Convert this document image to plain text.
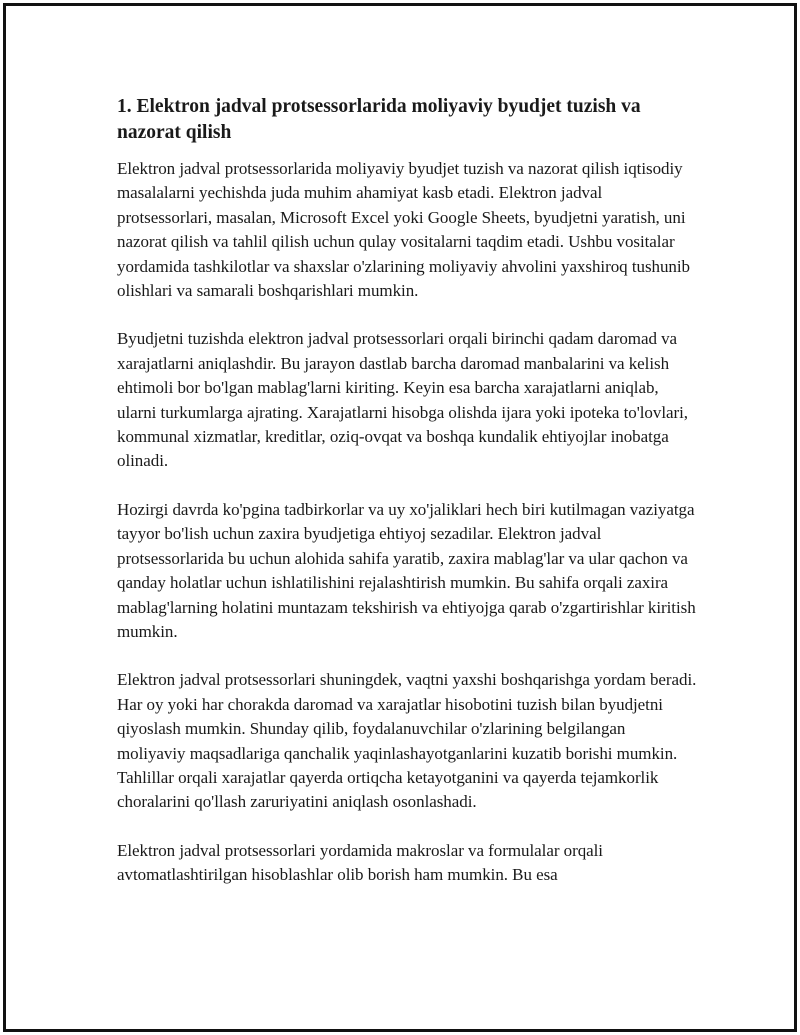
1. Elektron jadval protsessorlarida moliyaviy byudjet tuzish va nazorat qilish

Elektron jadval protsessorlarida moliyaviy byudjet tuzish va nazorat qilish iqtisodiy masalalarni yechishda juda muhim ahamiyat kasb etadi. Elektron jadval protsessorlari, masalan, Microsoft Excel yoki Google Sheets, byudjetni yaratish, uni nazorat qilish va tahlil qilish uchun qulay vositalarni taqdim etadi. Ushbu vositalar yordamida tashkilotlar va shaxslar o'zlarining moliyaviy ahvolini yaxshiroq tushunib olishlari va samarali boshqarishlari mumkin.

Byudjetni tuzishda elektron jadval protsessorlari orqali birinchi qadam daromad va xarajatlarni aniqlashdir. Bu jarayon dastlab barcha daromad manbalarini va kelish ehtimoli bor bo'lgan mablag'larni kiriting. Keyin esa barcha xarajatlarni aniqlab, ularni turkumlarga ajrating. Xarajatlarni hisobga olishda ijara yoki ipoteka to'lovlari, kommunal xizmatlar, kreditlar, oziq-ovqat va boshqa kundalik ehtiyojlar inobatga olinadi.

Hozirgi davrda ko'pgina tadbirkorlar va uy xo'jaliklari hech biri kutilmagan vaziyatga tayyor bo'lish uchun zaxira byudjetiga ehtiyoj sezadilar. Elektron jadval protsessorlarida bu uchun alohida sahifa yaratib, zaxira mablag'lar va ular qachon va qanday holatlar uchun ishlatilishini rejalashtirish mumkin. Bu sahifa orqali zaxira mablag'larning holatini muntazam tekshirish va ehtiyojga qarab o'zgartirishlar kiritish mumkin.

Elektron jadval protsessorlari shuningdek, vaqtni yaxshi boshqarishga yordam beradi. Har oy yoki har chorakda daromad va xarajatlar hisobotini tuzish bilan byudjetni qiyoslash mumkin. Shunday qilib, foydalanuvchilar o'zlarining belgilangan moliyaviy maqsadlariga qanchalik yaqinlashayotganlarini kuzatib borishi mumkin. Tahlillar orqali xarajatlar qayerda ortiqcha ketayotganini va qayerda tejamkorlik choralarini qo'llash zaruriyatini aniqlash osonlashadi.

Elektron jadval protsessorlari yordamida makroslar va formulalar orqali avtomatlashtirilgan hisoblashlar olib borish ham mumkin. Bu esa
